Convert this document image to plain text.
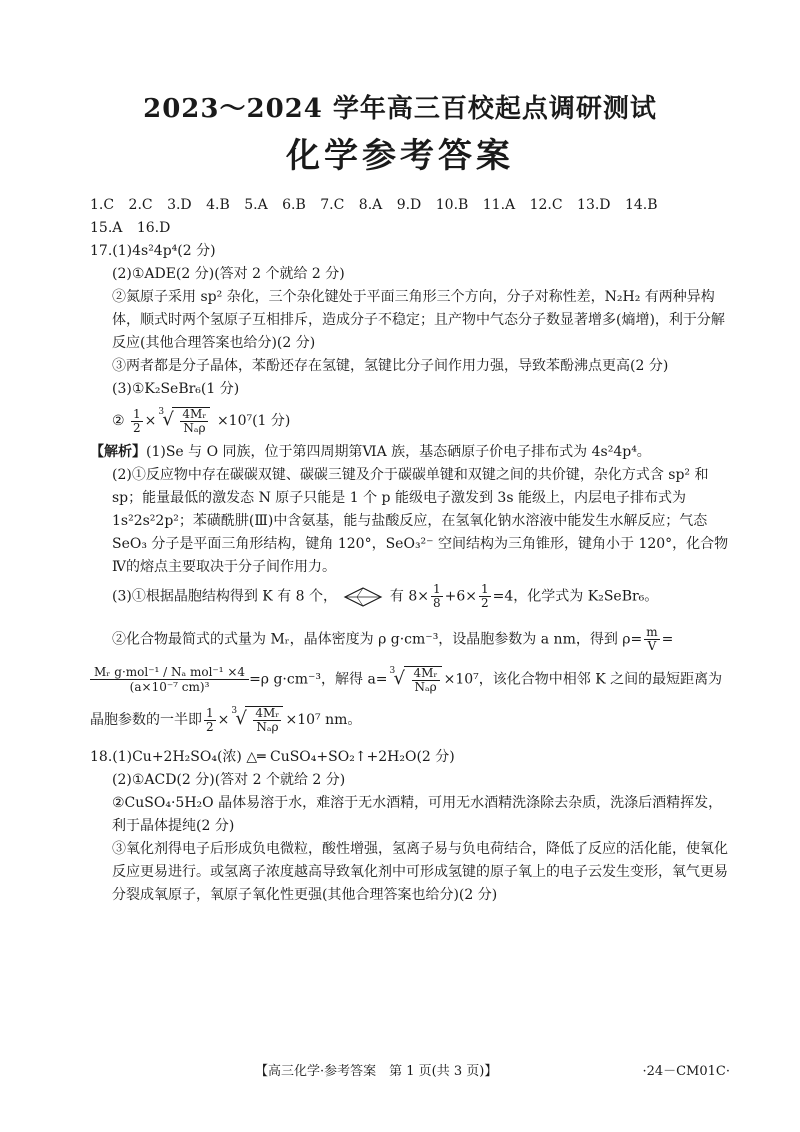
2023～2024 学年高三百校起点调研测试
化学参考答案
1.C 2.C 3.D 4.B 5.A 6.B 7.C 8.A 9.D 10.B 11.A 12.C 13.D 14.B
15.A 16.D
17.(1)4s²4p⁴(2 分)
(2)①ADE(2 分)(答对 2 个就给 2 分)
②氮原子采用 sp² 杂化，三个杂化键处于平面三角形三个方向，分子对称性差，N₂H₂ 有两种异构体，顺式时两个氢原子互相排斥，造成分子不稳定；且产物中气态分子数显著增多(熵增)，利于分解反应(其他合理答案也给分)(2 分)
③两者都是分子晶体，苯酚还存在氢键，氢键比分子间作用力强，导致苯酚沸点更高(2 分)
(3)①K₂SeBr₆(1 分)
② $\frac{1}{2}$ ×
3
√ $\frac{\text{4Mᵣ}}{\text{Nₐρ}} \times 10^7(1$ 分)
【解析】(1)Se 与 O 同族，位于第四周期第ⅥA 族，基态硒原子价电子排布式为 4s²4p⁴。
(2)①反应物中存在碳碳双键、碳碳三键及介于碳碳单键和双键之间的共价键，杂化方式含 sp² 和 sp；能量最低的激发态 N 原子只能是 1 个 p 能级电子激发到 3s 能级上，内层电子排布式为 1s²2s²2p²；苯磺酰肼(Ⅲ)中含氨基，能与盐酸反应，在氢氧化钠水溶液中能发生水解反应；气态 SeO₃ 分子是平面三角形结构，键角 120°，SeO₃²⁻ 空间结构为三角锥形，键角小于 120°，化合物Ⅳ的熔点主要取决于分子间作用力。
(3)①根据晶胞结构得到 K 有 8 个，	有 $8\times \frac{1}{8} +6\times \frac{1}{2} =4$，化学式为 K₂SeBr₆。
②化合物最简式的式量为 Mᵣ，晶体密度为 ρ g·cm⁻³，设晶胞参数为 a nm，得到 $\rho= \frac{m}{V}$ =
$\frac{\text{Mᵣ g·mol⁻¹ / Nₐ mol⁻¹ ×4}}{\text{(a×10⁻⁷ cm)³}} =\rho$ g·cm⁻³，解得 a=
3
√ $\frac{\text{4Mᵣ}}{\text{Nₐρ}} \times 10^7$，该化合物中相邻 K 之间的最短距离为
晶胞参数的一半即 $\frac{1}{2}$ ×
3
√ $\frac{\text{4Mᵣ}}{\text{Nₐρ}} \times 10^7$ nm。
18.(1)Cu+2H₂SO₄(浓) △═ CuSO₄+SO₂↑+2H₂O(2 分)
(2)①ACD(2 分)(答对 2 个就给 2 分)
②CuSO₄·5H₂O 晶体易溶于水，难溶于无水酒精，可用无水酒精洗涤除去杂质，洗涤后酒精挥发，利于晶体提纯(2 分)
③氧化剂得电子后形成负电微粒，酸性增强，氢离子易与负电荷结合，降低了反应的活化能，使氧化反应更易进行。或氢离子浓度越高导致氧化剂中可形成氢键的原子氧上的电子云发生变形，氧气更易分裂成氧原子，氧原子氧化性更强(其他合理答案也给分)(2 分)
【高三化学·参考答案　第 1 页(共 3 页)】	·24－CM01C·
